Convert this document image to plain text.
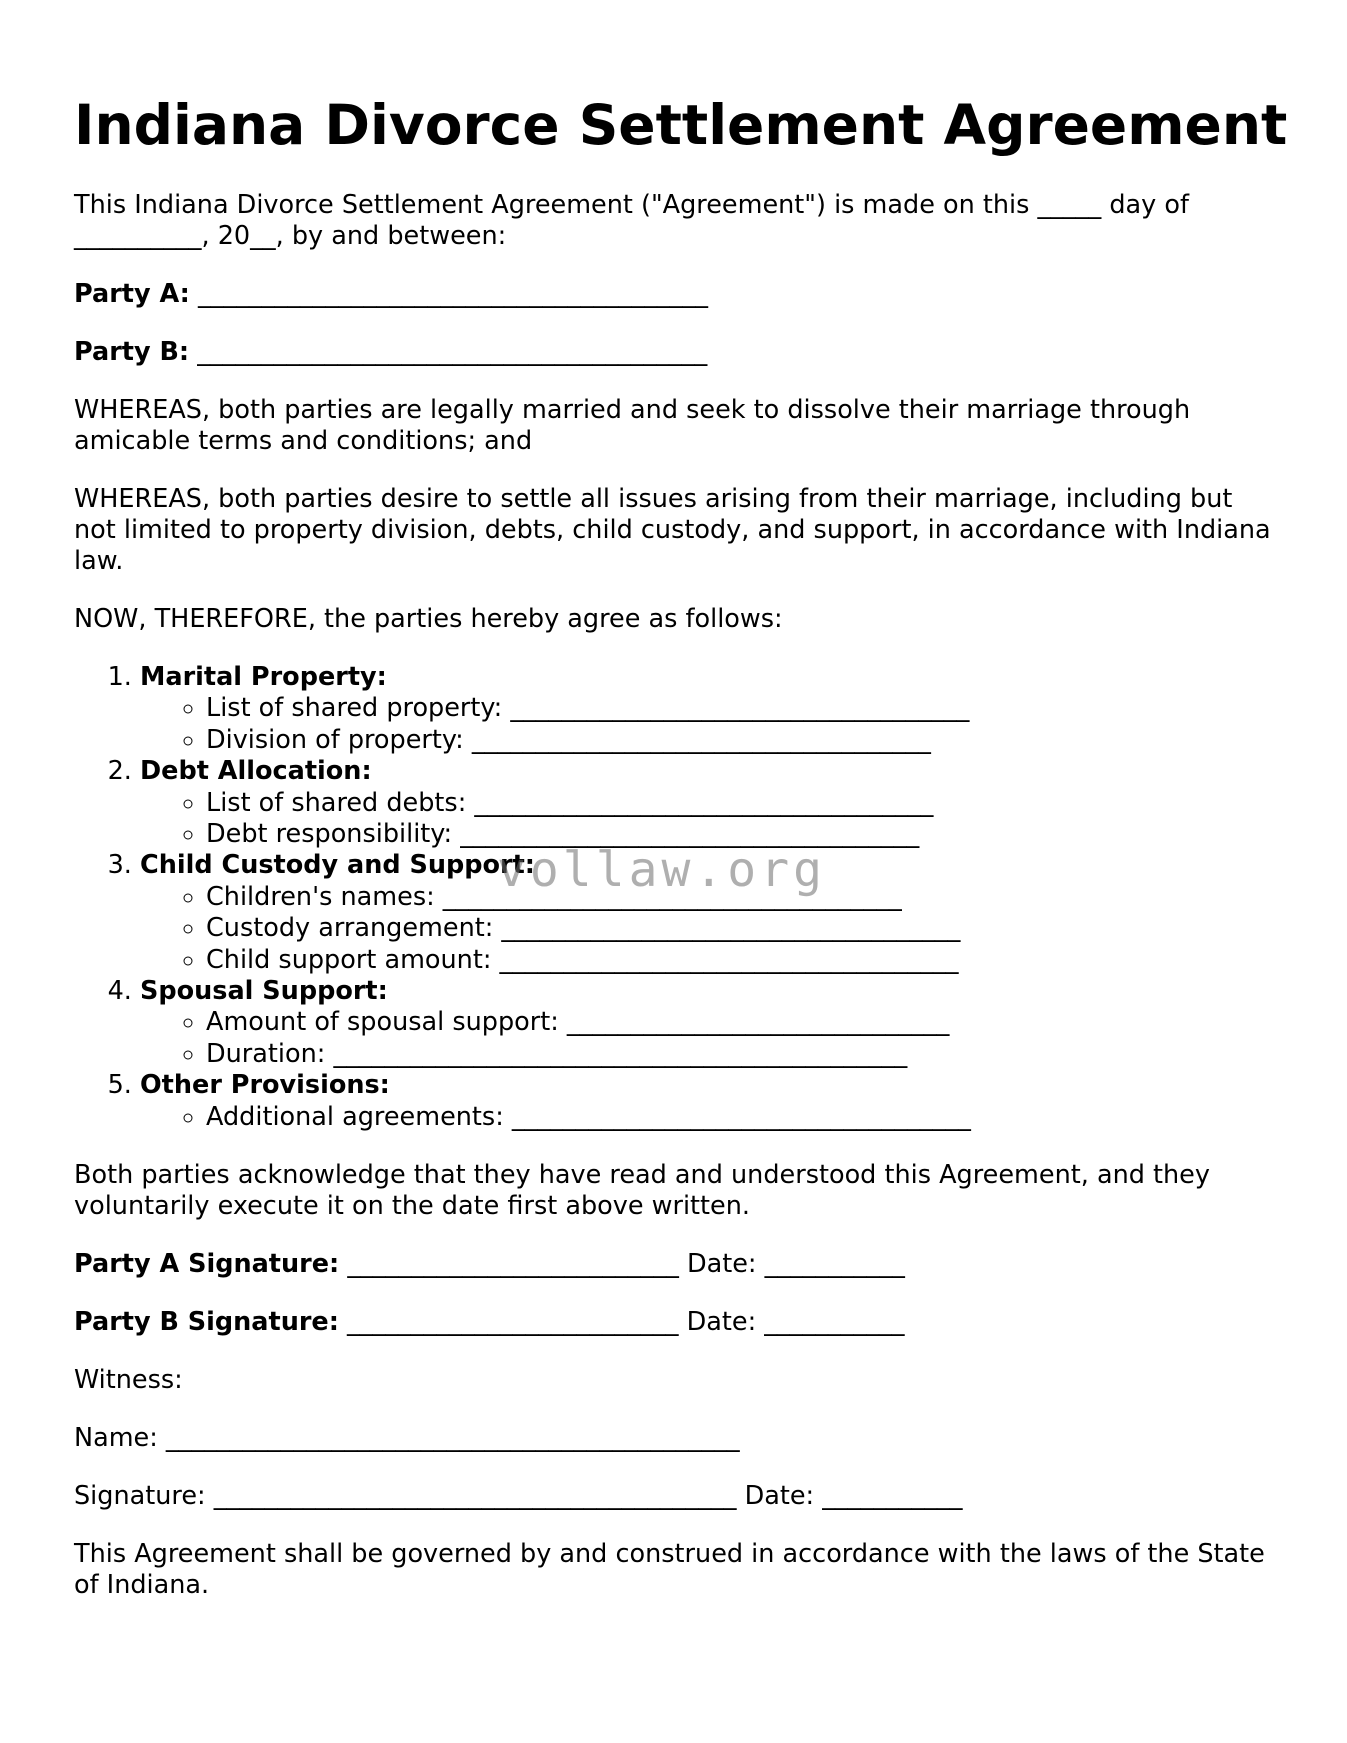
Indiana Divorce Settlement Agreement

This Indiana Divorce Settlement Agreement ("Agreement") is made on this _____ day of
__________, 20__, by and between:

Party A: ________________________________________

Party B: ________________________________________

WHEREAS, both parties are legally married and seek to dissolve their marriage through amicable terms and conditions; and

WHEREAS, both parties desire to settle all issues arising from their marriage, including but not limited to property division, debts, child custody, and support, in accordance with Indiana law.

NOW, THEREFORE, the parties hereby agree as follows:

1. Marital Property:
◦ List of shared property: ____________________________________
◦ Division of property: ____________________________________
2. Debt Allocation:
◦ List of shared debts: ____________________________________
◦ Debt responsibility: ____________________________________
3. Child Custody and Support:
◦ Children's names: ____________________________________
◦ Custody arrangement: ____________________________________
◦ Child support amount: ____________________________________
4. Spousal Support:
◦ Amount of spousal support: ______________________________
◦ Duration: _____________________________________________
5. Other Provisions:
◦ Additional agreements: ____________________________________

Both parties acknowledge that they have read and understood this Agreement, and they voluntarily execute it on the date first above written.

Party A Signature: __________________________ Date: ___________

Party B Signature: __________________________ Date: ___________

Witness:

Name: _____________________________________________

Signature: _________________________________________ Date: ___________

This Agreement shall be governed by and construed in accordance with the laws of the State of Indiana.

vollaw.org
